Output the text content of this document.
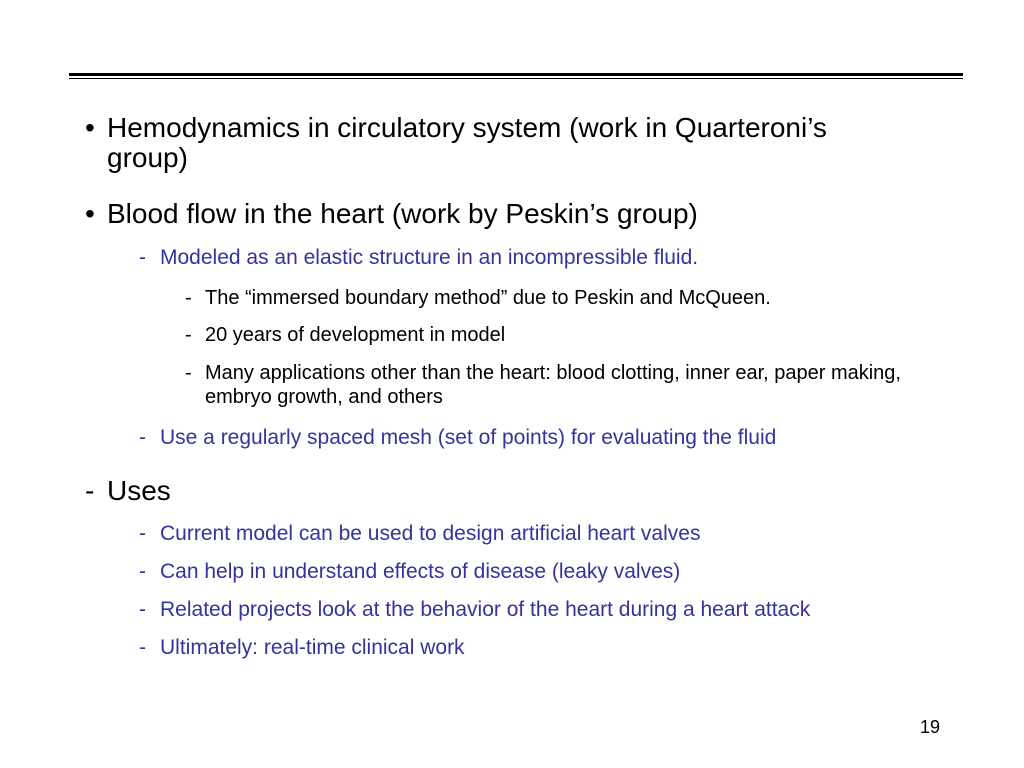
• Hemodynamics in circulatory system (work in Quarteroni’s group)
• Blood flow in the heart (work by Peskin’s group)
- Modeled as an elastic structure in an incompressible fluid.
- The “immersed boundary method” due to Peskin and McQueen.
- 20 years of development in model
- Many applications other than the heart: blood clotting, inner ear, paper making, embryo growth, and others
- Use a regularly spaced mesh (set of points) for evaluating the fluid
- Uses
- Current model can be used to design artificial heart valves
- Can help in understand effects of disease (leaky valves)
- Related projects look at the behavior of the heart during a heart attack
- Ultimately: real-time clinical work
19
